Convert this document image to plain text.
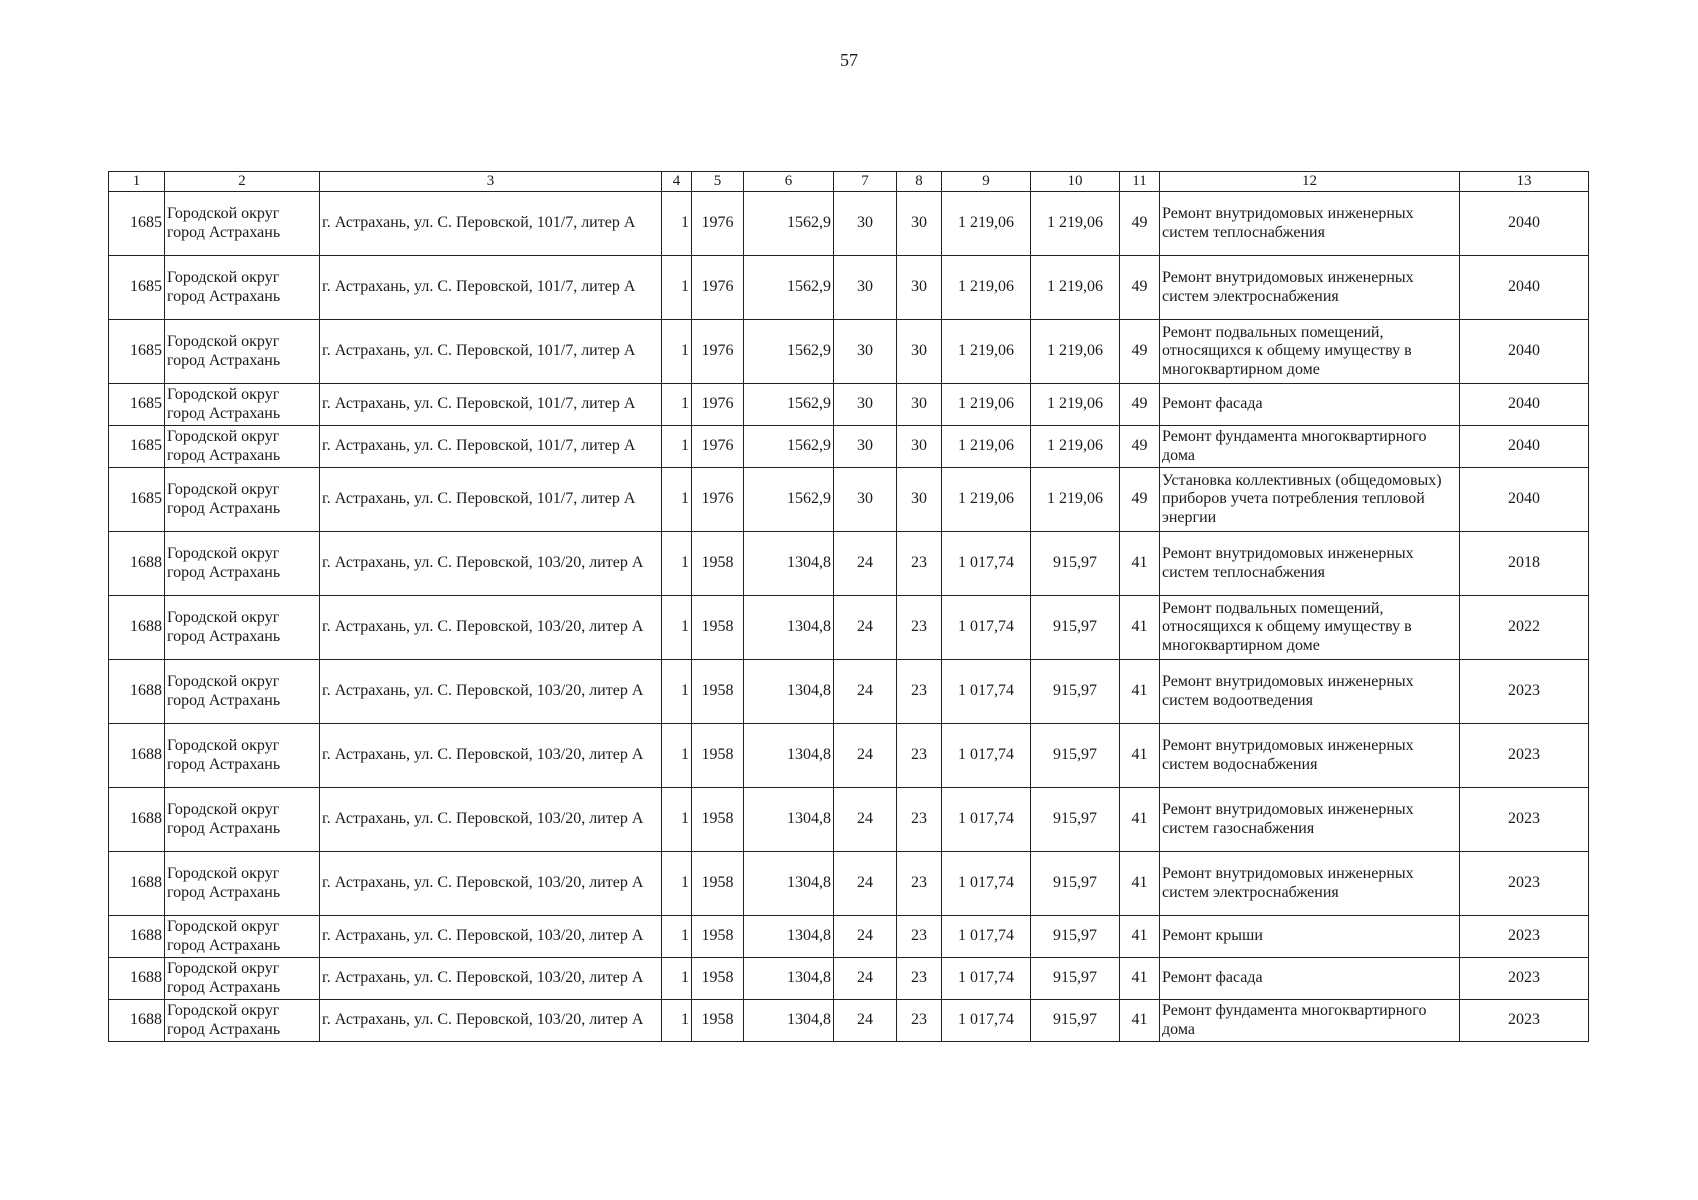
57
1	2	3	4	5	6	7	8	9	10	11	12	13
1685	Городской округ город Астрахань	г. Астрахань, ул. С. Перовской, 101/7, литер А	1	1976	1562,9	30	30	1 219,06	1 219,06	49	Ремонт внутридомовых инженерных систем теплоснабжения	2040
1685	Городской округ город Астрахань	г. Астрахань, ул. С. Перовской, 101/7, литер А	1	1976	1562,9	30	30	1 219,06	1 219,06	49	Ремонт внутридомовых инженерных систем электроснабжения	2040
1685	Городской округ город Астрахань	г. Астрахань, ул. С. Перовской, 101/7, литер А	1	1976	1562,9	30	30	1 219,06	1 219,06	49	Ремонт подвальных помещений, относящихся к общему имуществу в многоквартирном доме	2040
1685	Городской округ город Астрахань	г. Астрахань, ул. С. Перовской, 101/7, литер А	1	1976	1562,9	30	30	1 219,06	1 219,06	49	Ремонт фасада	2040
1685	Городской округ город Астрахань	г. Астрахань, ул. С. Перовской, 101/7, литер А	1	1976	1562,9	30	30	1 219,06	1 219,06	49	Ремонт фундамента многоквартирного дома	2040
1685	Городской округ город Астрахань	г. Астрахань, ул. С. Перовской, 101/7, литер А	1	1976	1562,9	30	30	1 219,06	1 219,06	49	Установка коллективных (общедомовых) приборов учета потребления тепловой энергии	2040
1688	Городской округ город Астрахань	г. Астрахань, ул. С. Перовской, 103/20, литер А	1	1958	1304,8	24	23	1 017,74	915,97	41	Ремонт внутридомовых инженерных систем теплоснабжения	2018
1688	Городской округ город Астрахань	г. Астрахань, ул. С. Перовской, 103/20, литер А	1	1958	1304,8	24	23	1 017,74	915,97	41	Ремонт подвальных помещений, относящихся к общему имуществу в многоквартирном доме	2022
1688	Городской округ город Астрахань	г. Астрахань, ул. С. Перовской, 103/20, литер А	1	1958	1304,8	24	23	1 017,74	915,97	41	Ремонт внутридомовых инженерных систем водоотведения	2023
1688	Городской округ город Астрахань	г. Астрахань, ул. С. Перовской, 103/20, литер А	1	1958	1304,8	24	23	1 017,74	915,97	41	Ремонт внутридомовых инженерных систем водоснабжения	2023
1688	Городской округ город Астрахань	г. Астрахань, ул. С. Перовской, 103/20, литер А	1	1958	1304,8	24	23	1 017,74	915,97	41	Ремонт внутридомовых инженерных систем газоснабжения	2023
1688	Городской округ город Астрахань	г. Астрахань, ул. С. Перовской, 103/20, литер А	1	1958	1304,8	24	23	1 017,74	915,97	41	Ремонт внутридомовых инженерных систем электроснабжения	2023
1688	Городской округ город Астрахань	г. Астрахань, ул. С. Перовской, 103/20, литер А	1	1958	1304,8	24	23	1 017,74	915,97	41	Ремонт крыши	2023
1688	Городской округ город Астрахань	г. Астрахань, ул. С. Перовской, 103/20, литер А	1	1958	1304,8	24	23	1 017,74	915,97	41	Ремонт фасада	2023
1688	Городской округ город Астрахань	г. Астрахань, ул. С. Перовской, 103/20, литер А	1	1958	1304,8	24	23	1 017,74	915,97	41	Ремонт фундамента многоквартирного дома	2023
